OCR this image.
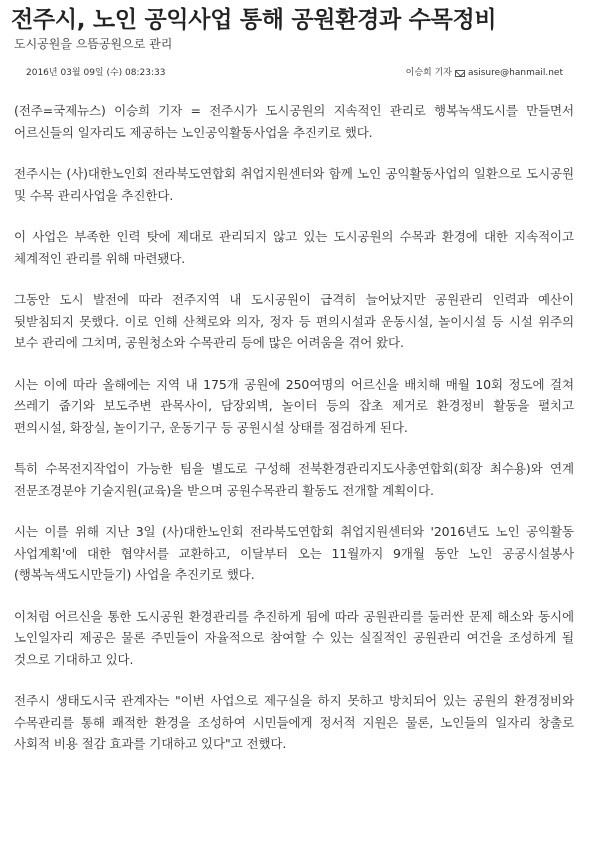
전주시, 노인 공익사업 통해 공원환경과 수목정비
도시공원을 으뜸공원으로 관리
2016년 03월 09일 (수) 08:23:33	이승희 기자 asisure@hanmail.net

(전주=국제뉴스) 이승희 기자 = 전주시가 도시공원의 지속적인 관리로 행복녹색도시를 만들면서 어르신들의 일자리도 제공하는 노인공익활동사업을 추진키로 했다.

전주시는 (사)대한노인회 전라북도연합회 취업지원센터와 함께 노인 공익활동사업의 일환으로 도시공원 및 수목 관리사업을 추진한다.

이 사업은 부족한 인력 탓에 제대로 관리되지 않고 있는 도시공원의 수목과 환경에 대한 지속적이고 체계적인 관리를 위해 마련됐다.

그동안 도시 발전에 따라 전주지역 내 도시공원이 급격히 늘어났지만 공원관리 인력과 예산이 뒷받침되지 못했다. 이로 인해 산책로와 의자, 정자 등 편의시설과 운동시설, 놀이시설 등 시설 위주의 보수 관리에 그치며, 공원청소와 수목관리 등에 많은 어려움을 겪어 왔다.

시는 이에 따라 올해에는 지역 내 175개 공원에 250여명의 어르신을 배치해 매월 10회 정도에 걸쳐 쓰레기 줍기와 보도주변 관목사이, 담장외벽, 놀이터 등의 잡초 제거로 환경정비 활동을 펼치고 편의시설, 화장실, 놀이기구, 운동기구 등 공원시설 상태를 점검하게 된다.

특히 수목전지작업이 가능한 팀을 별도로 구성해 전북환경관리지도사총연합회(회장 최수용)와 연계 전문조경분야 기술지원(교육)을 받으며 공원수목관리 활동도 전개할 계획이다.

시는 이를 위해 지난 3일 (사)대한노인회 전라북도연합회 취업지원센터와 '2016년도 노인 공익활동 사업계획'에 대한 협약서를 교환하고, 이달부터 오는 11월까지 9개월 동안 노인 공공시설봉사(행복녹색도시만들기) 사업을 추진키로 했다.

이처럼 어르신을 통한 도시공원 환경관리를 추진하게 됨에 따라 공원관리를 둘러싼 문제 해소와 동시에 노인일자리 제공은 물론 주민들이 자율적으로 참여할 수 있는 실질적인 공원관리 여건을 조성하게 될 것으로 기대하고 있다.

전주시 생태도시국 관계자는 "이번 사업으로 제구실을 하지 못하고 방치되어 있는 공원의 환경정비와 수목관리를 통해 쾌적한 환경을 조성하여 시민들에게 정서적 지원은 물론, 노인들의 일자리 창출로 사회적 비용 절감 효과를 기대하고 있다"고 전했다.
